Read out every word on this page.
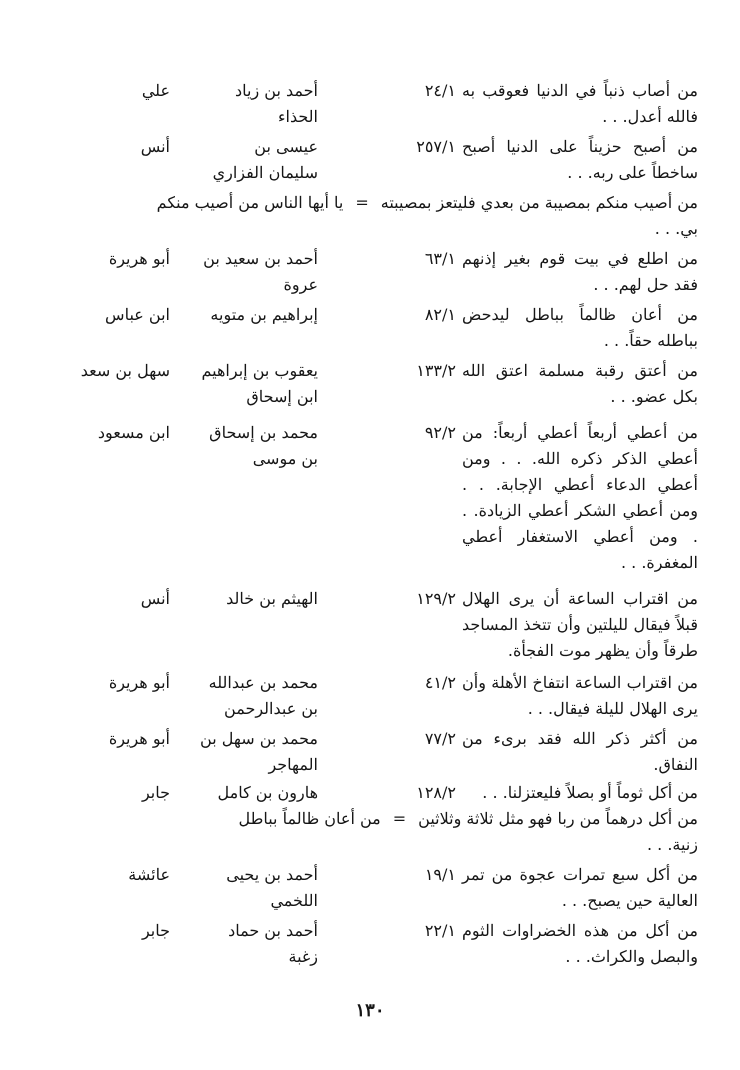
من أصاب ذنباً في الدنيا فعوقب به فالله أعدل. . .
٢٤/١
أحمد بن زياد الحذاء
علي
من أصبح حزيناً على الدنيا أصبح ساخطاً على ربه. . .
٢٥٧/١
عيسى بن سليمان الفزاري
أنس
من أصيب منكم بمصيبة من بعدي فليتعز بمصيبته=يا أيها الناس من أصيب منكم
بي. . .
من اطلع في بيت قوم بغير إذنهم فقد حل لهم. . .
٦٣/١
أحمد بن سعيد بن عروة
أبو هريرة
من أعان ظالماً بباطل ليدحض بباطله حقاً. . .
٨٢/١
إبراهيم بن متويه
ابن عباس
من أعتق رقبة مسلمة اعتق الله بكل عضو. . .
١٣٣/٢
يعقوب بن إبراهيم ابن إسحاق
سهل بن سعد
من أعطي أربعاً أعطي أربعاً: من أعطي الذكر ذكره الله. . . ومن أعطي الدعاء أعطي الإجابة. . . ومن أعطي الشكر أعطي الزيادة. . . ومن أعطي الاستغفار أعطي المغفرة. . .
٩٢/٢
محمد بن إسحاق بن موسى
ابن مسعود
من اقتراب الساعة أن يرى الهلال قبلاً فيقال لليلتين وأن تتخذ المساجد طرقاً وأن يظهر موت الفجأة.
١٢٩/٢
الهيثم بن خالد
أنس
من اقتراب الساعة انتفاخ الأهلة وأن يرى الهلال لليلة فيقال. . .
٤١/٢
محمد بن عبدالله بن عبدالرحمن
أبو هريرة
من أكثر ذكر الله فقد برىء من النفاق.
٧٧/٢
محمد بن سهل بن المهاجر
أبو هريرة
من أكل ثوماً أو بصلاً فليعتزلنا. . .
١٢٨/٢
هارون بن كامل
جابر
من أكل درهماً من ربا فهو مثل ثلاثة وثلاثين=من أعان ظالماً بباطل
زنية. . .
من أكل سبع تمرات عجوة من تمر العالية حين يصبح. . .
١٩/١
أحمد بن يحيى اللخمي
عائشة
من أكل من هذه الخضراوات الثوم والبصل والكراث. . .
٢٢/١
أحمد بن حماد زغبة
جابر
١٣٠
